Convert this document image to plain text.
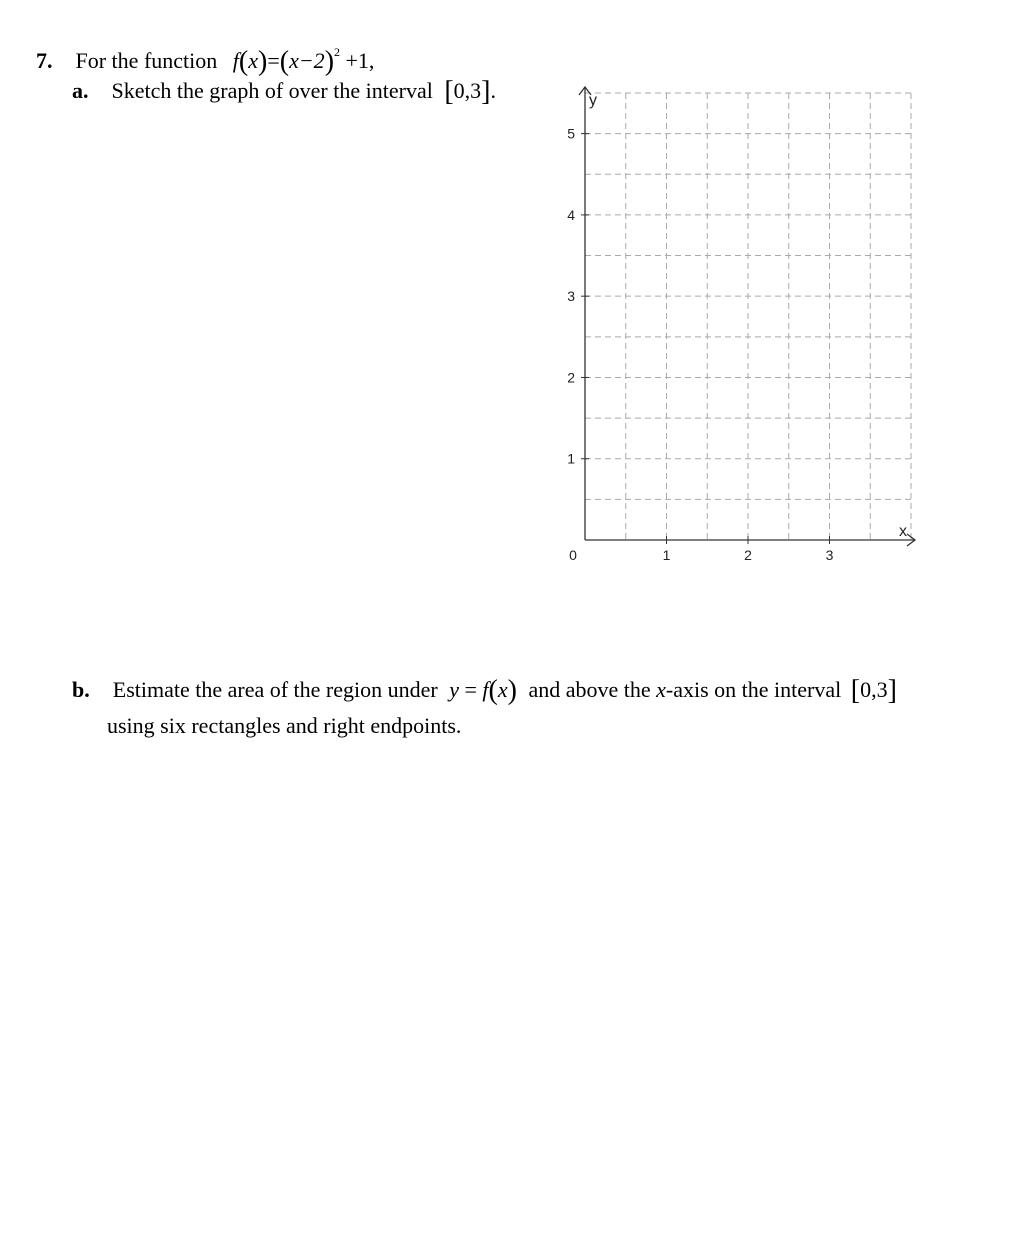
7. For the function $f(x)=(x-2)^2 +1$,
a. Sketch the graph of over the interval [0,3].
1	2	3
1
2
3
4
5
0
x
y
b. Estimate the area of the region under y = f(x) and above the x-axis on the interval [0,3]
using six rectangles and right endpoints.
